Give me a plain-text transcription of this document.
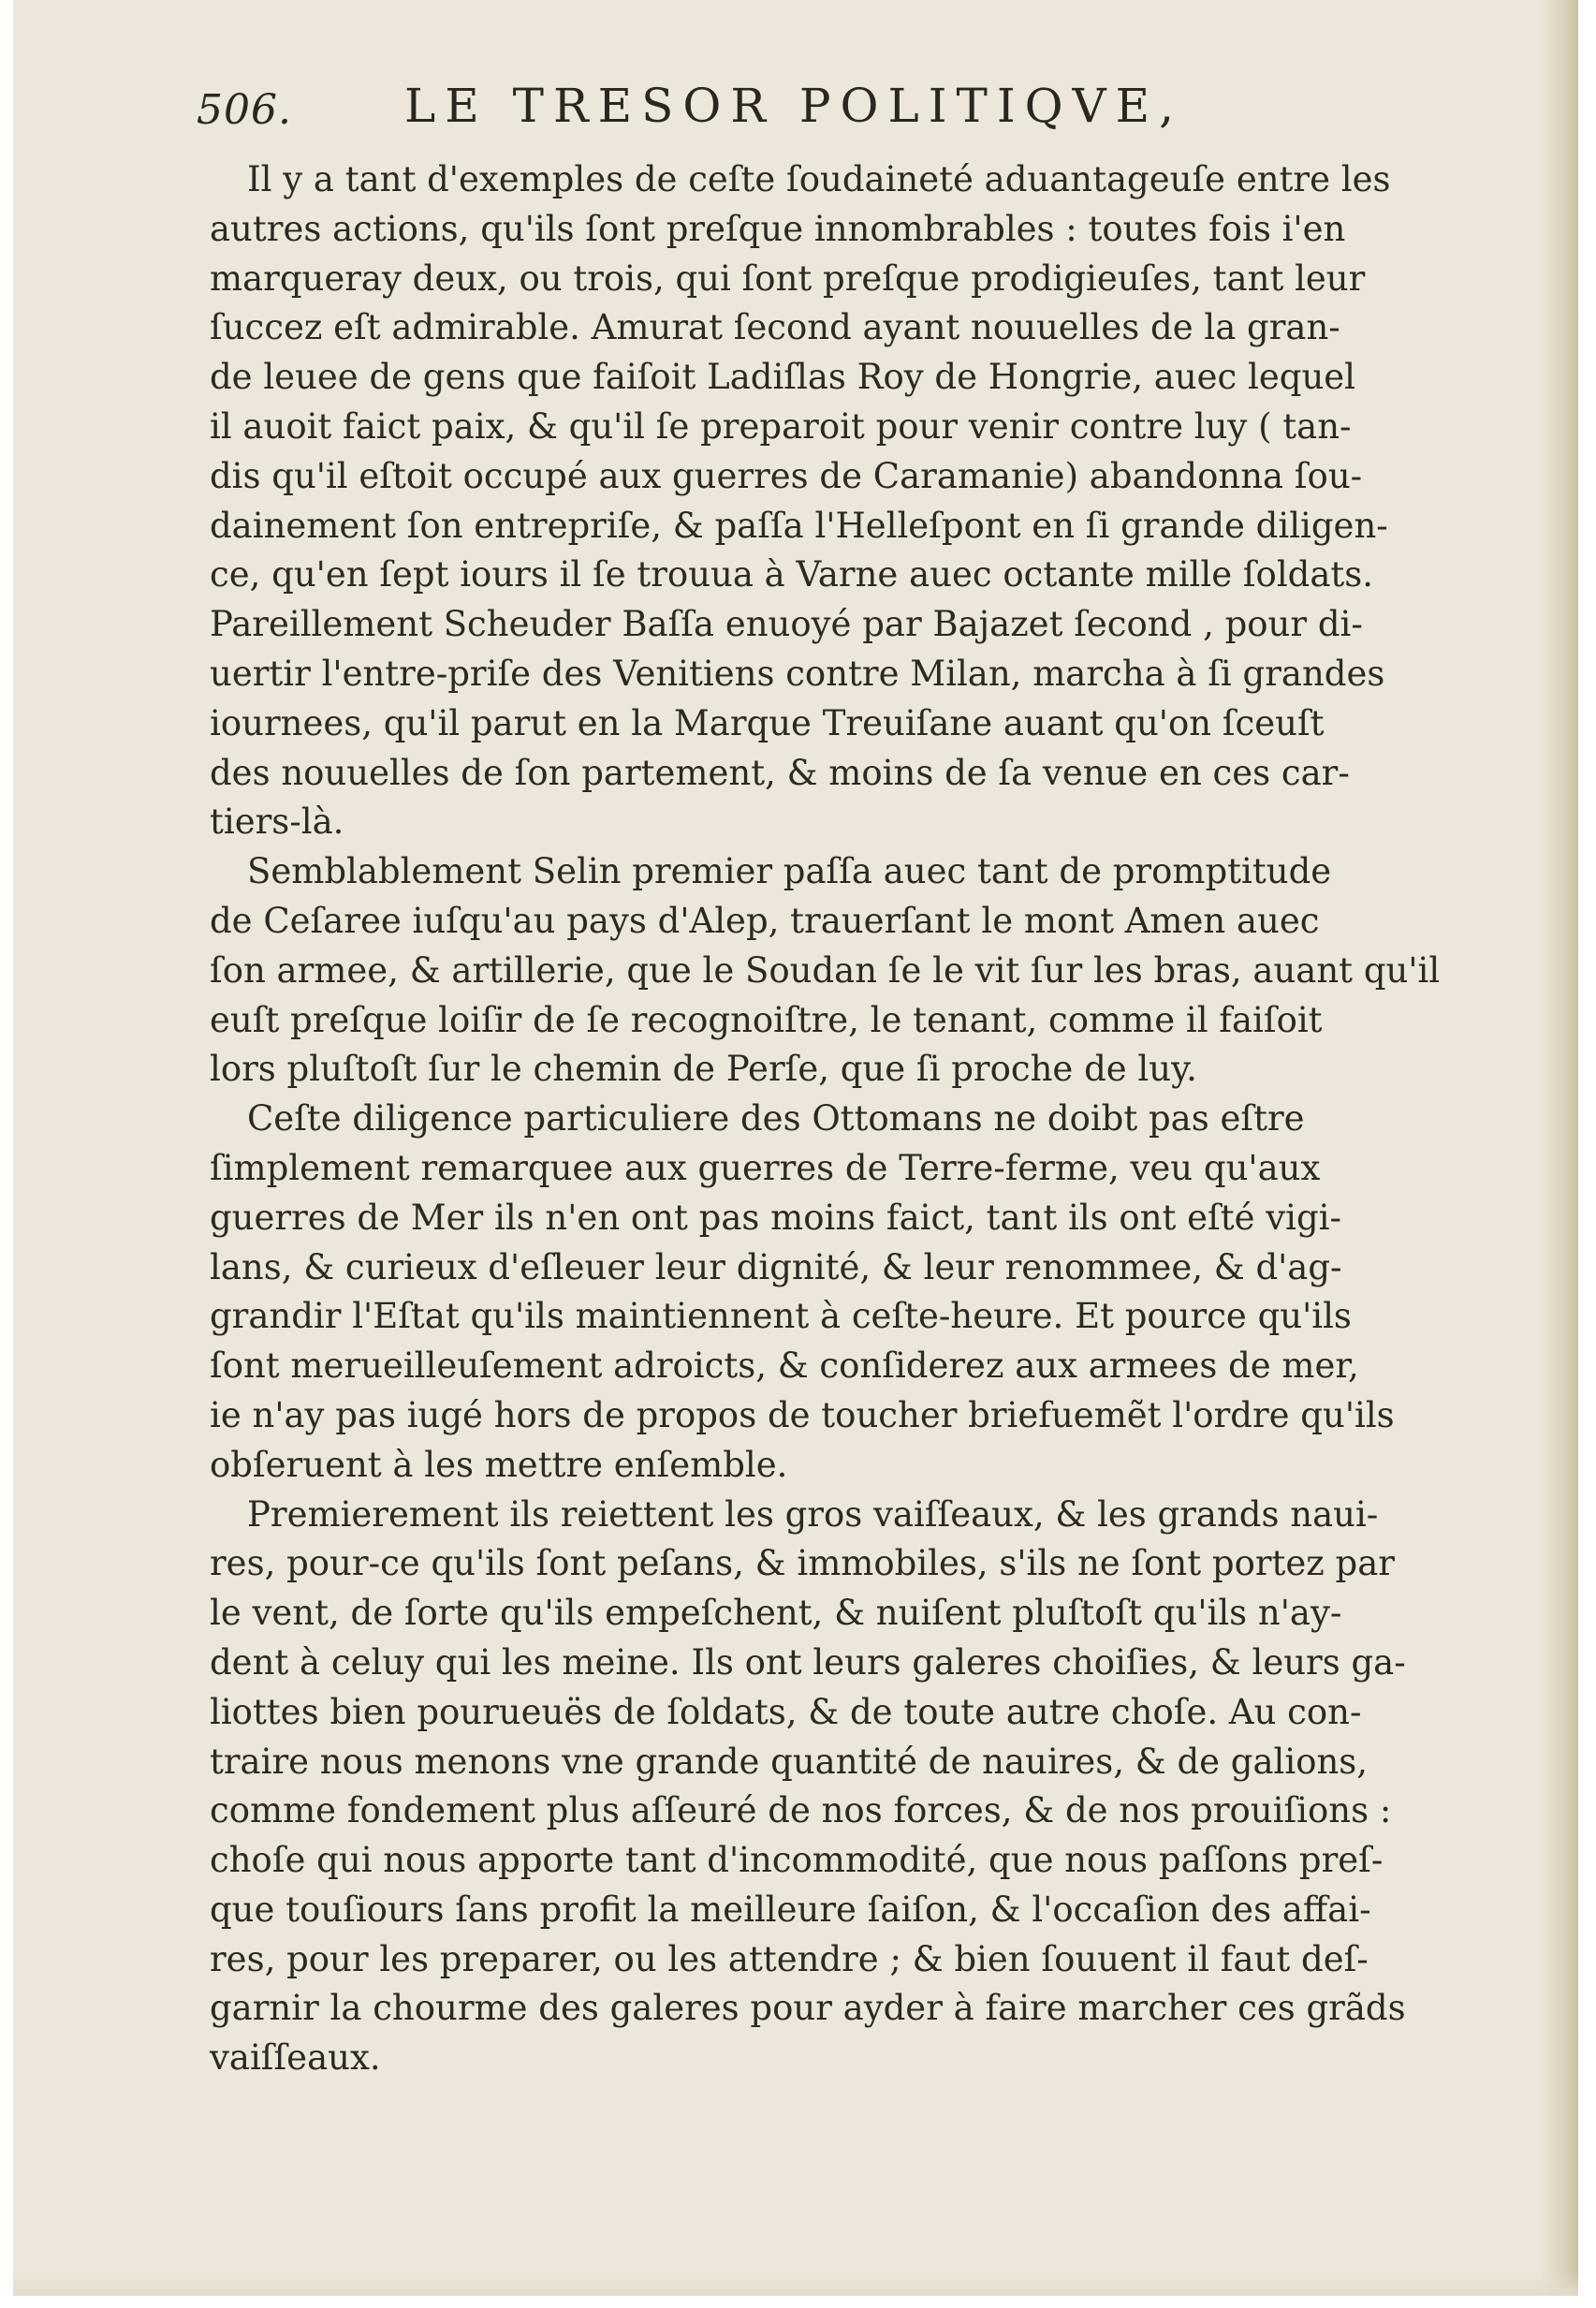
506. LE TRESOR POLITIQVE,

Il y a tant d'exemples de ceſte ſoudaineté aduantageuſe entre les
autres actions, qu'ils ſont preſque innombrables : toutes fois i'en
marqueray deux, ou trois, qui ſont preſque prodigieuſes, tant leur
ſuccez eſt admirable. Amurat ſecond ayant nouuelles de la gran-
de leuee de gens que faiſoit Ladiſlas Roy de Hongrie, auec lequel
il auoit faict paix, & qu'il ſe preparoit pour venir contre luy ( tan-
dis qu'il eſtoit occupé aux guerres de Caramanie) abandonna ſou-
dainement ſon entrepriſe, & paſſa l'Helleſpont en ſi grande diligen-
ce, qu'en ſept iours il ſe trouua à Varne auec octante mille ſoldats.
Pareillement Scheuder Baſſa enuoyé par Bajazet ſecond , pour di-
uertir l'entre-priſe des Venitiens contre Milan, marcha à ſi grandes
iournees, qu'il parut en la Marque Treuiſane auant qu'on ſceuſt
des nouuelles de ſon partement, & moins de ſa venue en ces car-
tiers-là.

Semblablement Selin premier paſſa auec tant de promptitude
de Ceſaree iuſqu'au pays d'Alep, trauerſant le mont Amen auec
ſon armee, & artillerie, que le Soudan ſe le vit ſur les bras, auant qu'il
euſt preſque loiſir de ſe recognoiſtre, le tenant, comme il faiſoit
lors pluſtoſt ſur le chemin de Perſe, que ſi proche de luy.

Ceſte diligence particuliere des Ottomans ne doibt pas eſtre
ſimplement remarquee aux guerres de Terre-ferme, veu qu'aux
guerres de Mer ils n'en ont pas moins faict, tant ils ont eſté vigi-
lans, & curieux d'eſleuer leur dignité, & leur renommee, & d'ag-
grandir l'Eſtat qu'ils maintiennent à ceſte-heure. Et pource qu'ils
ſont merueilleuſement adroicts, & conſiderez aux armees de mer,
ie n'ay pas iugé hors de propos de toucher briefuemẽt l'ordre qu'ils
obſeruent à les mettre enſemble.

Premierement ils reiettent les gros vaiſſeaux, & les grands naui-
res, pour-ce qu'ils ſont peſans, & immobiles, s'ils ne ſont portez par
le vent, de ſorte qu'ils empeſchent, & nuiſent pluſtoſt qu'ils n'ay-
dent à celuy qui les meine. Ils ont leurs galeres choiſies, & leurs ga-
liottes bien pourueuës de ſoldats, & de toute autre choſe. Au con-
traire nous menons vne grande quantité de nauires, & de galions,
comme fondement plus aſſeuré de nos forces, & de nos prouiſions :
choſe qui nous apporte tant d'incommodité, que nous paſſons preſ-
que touſiours ſans profit la meilleure ſaiſon, & l'occaſion des affai-
res, pour les preparer, ou les attendre ; & bien ſouuent il faut deſ-
garnir la chourme des galeres pour ayder à faire marcher ces grãds
vaiſſeaux.
